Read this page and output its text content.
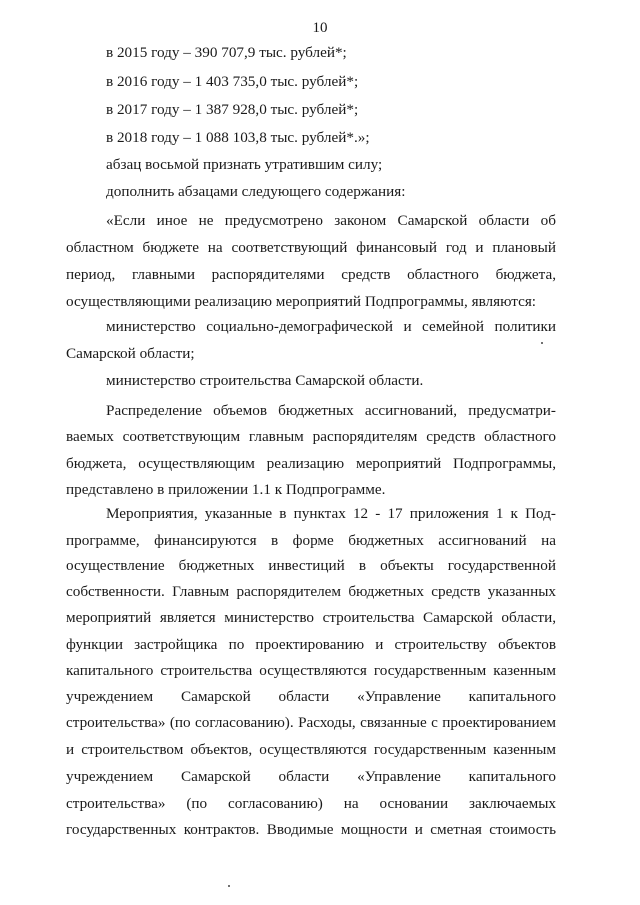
10
в 2015 году – 390 707,9 тыс. рублей*;
в 2016 году – 1 403 735,0 тыс. рублей*;
в 2017 году – 1 387 928,0 тыс. рублей*;
в 2018 году – 1 088 103,8 тыс. рублей*.»;
абзац восьмой признать утратившим силу;
дополнить абзацами следующего содержания:
«Если иное не предусмотрено законом Самарской области об
областном бюджете на соответствующий финансовый год и плановый
период, главными распорядителями средств областного бюджета,
осуществляющими реализацию мероприятий Подпрограммы, являются:
министерство социально-демографической и семейной политики
Самарской области;
министерство строительства Самарской области.
Распределение объемов бюджетных ассигнований, предусматри-
ваемых соответствующим главным распорядителям средств областного
бюджета, осуществляющим реализацию мероприятий Подпрограммы,
представлено в приложении 1.1 к Подпрограмме.
Мероприятия, указанные в пунктах 12 - 17 приложения 1 к Под-
программе, финансируются в форме бюджетных ассигнований на
осуществление бюджетных инвестиций в объекты государственной
собственности. Главным распорядителем бюджетных средств указанных
мероприятий является министерство строительства Самарской области,
функции застройщика по проектированию и строительству объектов
капитального строительства осуществляются государственным казенным
учреждением Самарской области «Управление капитального
строительства» (по согласованию). Расходы, связанные с проектированием
и строительством объектов, осуществляются государственным казенным
учреждением Самарской области «Управление капитального
строительства» (по согласованию) на основании заключаемых
государственных контрактов. Вводимые мощности и сметная стоимость
